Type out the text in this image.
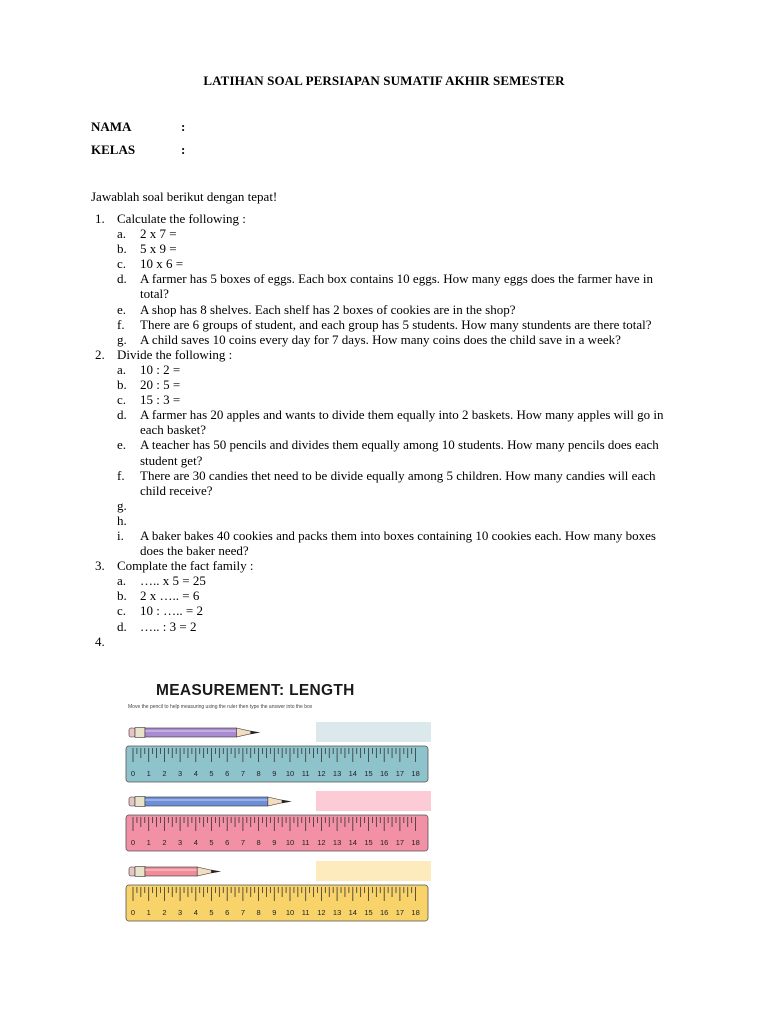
LATIHAN SOAL PERSIAPAN SUMATIF AKHIR SEMESTER
NAMA	:
KELAS	:
Jawablah soal berikut dengan tepat!
1. Calculate the following :
a. 2 x 7 =
b. 5 x 9 =
c. 10 x 6 =
d. A farmer has 5 boxes of eggs. Each box contains 10 eggs. How many eggs does the farmer have in total?
e. A shop has 8 shelves. Each shelf has 2 boxes of cookies are in the shop?
f. There are 6 groups of student, and each group has 5 students. How many stundents are there total?
g. A child saves 10 coins every day for 7 days. How many coins does the child save in a week?
2. Divide the following :
a. 10 : 2 =
b. 20 : 5 =
c. 15 : 3 =
d. A farmer has 20 apples and wants to divide them equally into 2 baskets. How many apples will go in each basket?
e. A teacher has 50 pencils and divides them equally among 10 students. How many pencils does each student get?
f. There are 30 candies thet need to be divide equally among 5 children. How many candies will each child receive?
g.
h.
i. A baker bakes 40 cookies and packs them into boxes containing 10 cookies each. How many boxes does the baker need?
3. Complate the fact family :
a. ….. x 5 = 25
b. 2 x ….. = 6
c. 10 : ….. = 2
d. ….. : 3 = 2
4.
MEASUREMENT: LENGTH
Move the pencil to help measuring using the ruler then type the answer into the box
0 1 2 3 4 5 6 7 8 9 10 11 12 13 14 15 16 17 18
0 1 2 3 4 5 6 7 8 9 10 11 12 13 14 15 16 17 18
0 1 2 3 4 5 6 7 8 9 10 11 12 13 14 15 16 17 18
